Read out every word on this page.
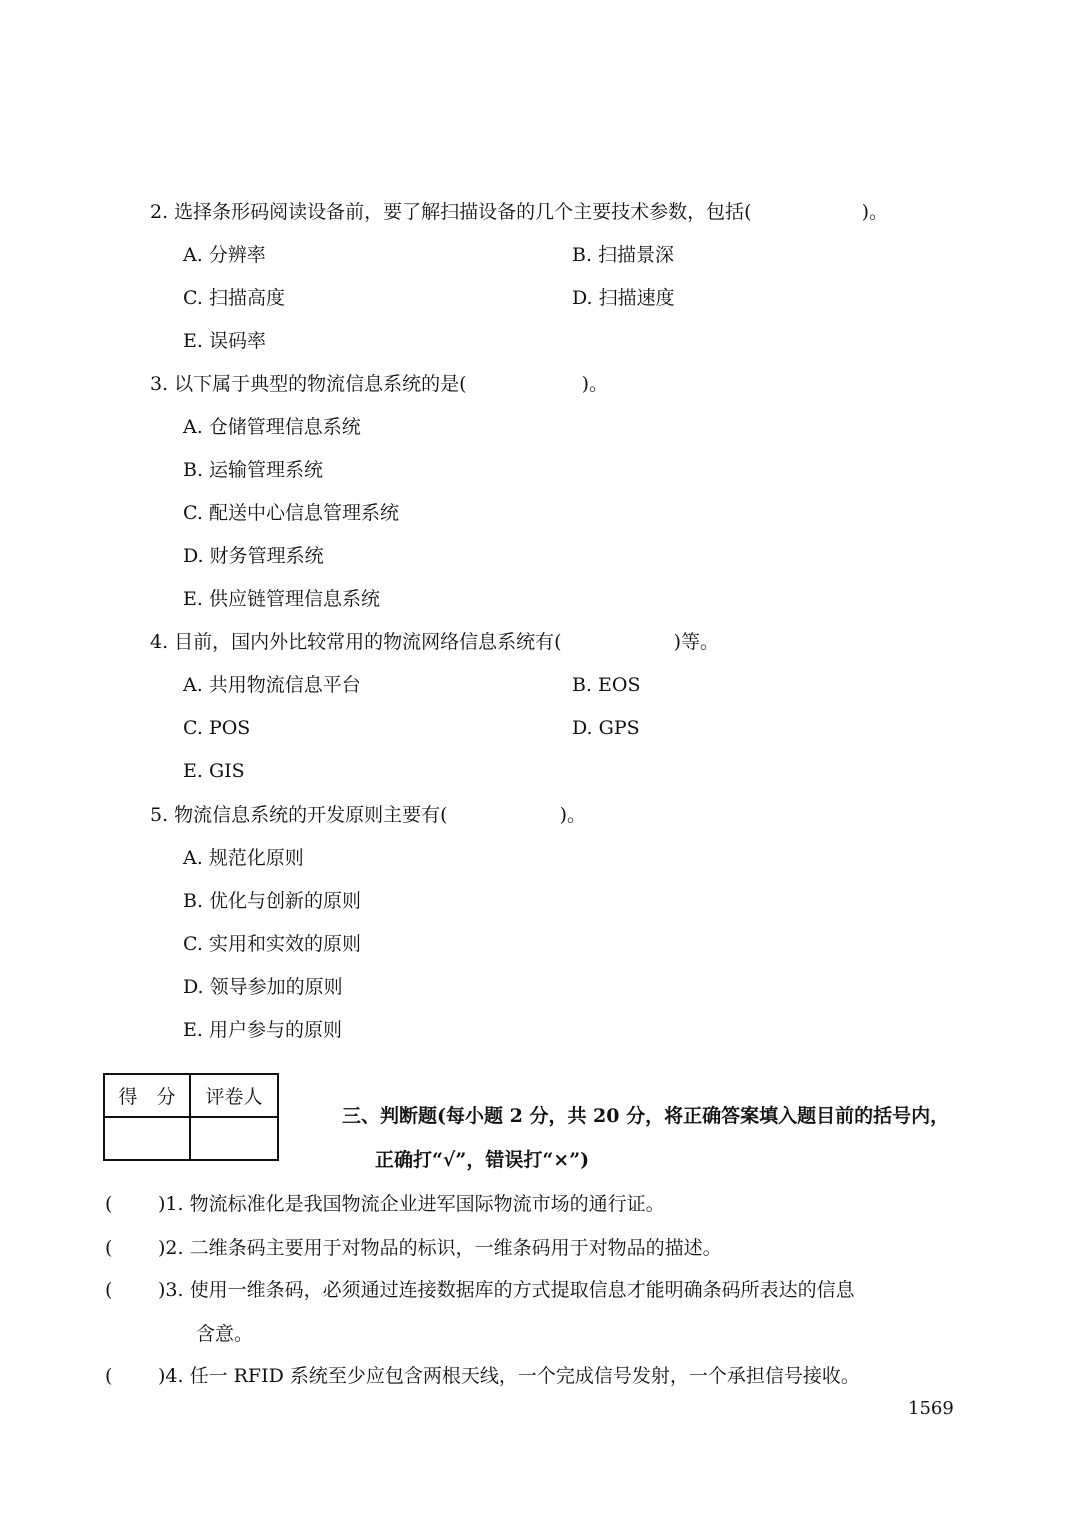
2. 选择条形码阅读设备前，要了解扫描设备的几个主要技术参数，包括(	)。
A. 分辨率	B. 扫描景深
C. 扫描高度	D. 扫描速度
E. 误码率
3. 以下属于典型的物流信息系统的是(	)。
A. 仓储管理信息系统
B. 运输管理系统
C. 配送中心信息管理系统
D. 财务管理系统
E. 供应链管理信息系统
4. 目前，国内外比较常用的物流网络信息系统有(	)等。
A. 共用物流信息平台	B. EOS
C. POS	D. GPS
E. GIS
5. 物流信息系统的开发原则主要有(	)。
A. 规范化原则
B. 优化与创新的原则
C. 实用和实效的原则
D. 领导参加的原则
E. 用户参与的原则
得　分	评卷人

三、判断题(每小题 2 分，共 20 分，将正确答案填入题目前的括号内，
正确打“√”，错误打“×”)
( )1. 物流标准化是我国物流企业进军国际物流市场的通行证。
( )2. 二维条码主要用于对物品的标识，一维条码用于对物品的描述。
( )3. 使用一维条码，必须通过连接数据库的方式提取信息才能明确条码所表达的信息
含意。
( )4. 任一 RFID 系统至少应包含两根天线，一个完成信号发射，一个承担信号接收。
1569
